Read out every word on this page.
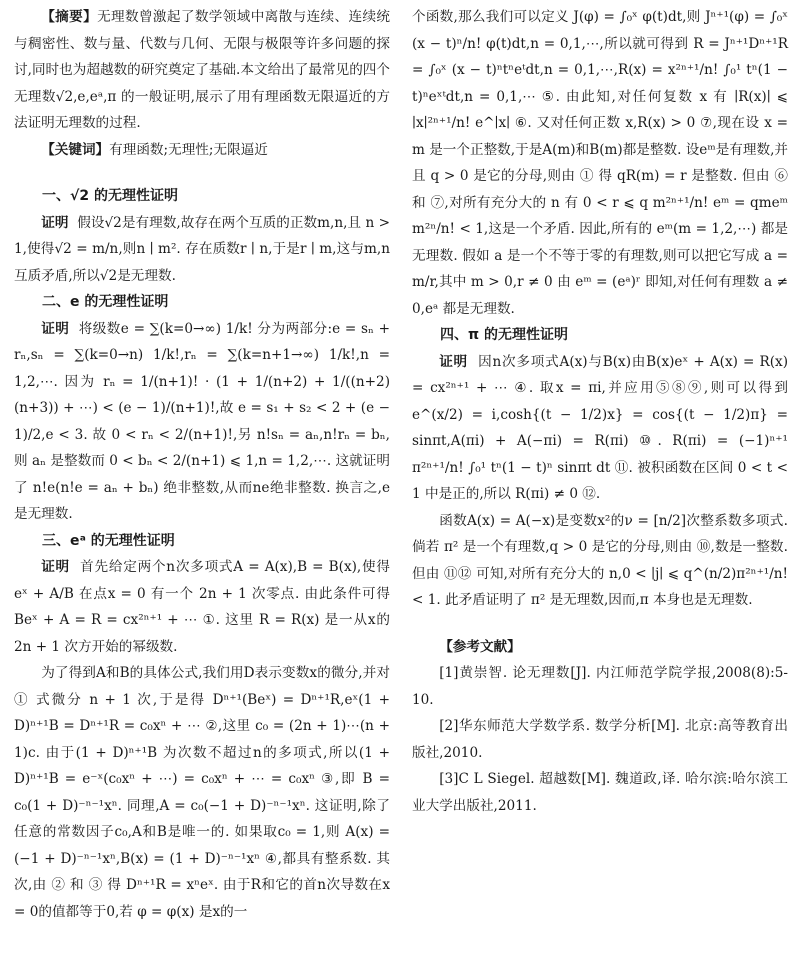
【摘要】无理数曾激起了数学领域中离散与连续、连续统与稠密性、数与量、代数与几何、无限与极限等许多问题的探讨,同时也为超越数的研究奠定了基础.本文给出了最常见的四个无理数√2,e,eᵃ,π 的一般证明,展示了用有理函数无限逼近的方法证明无理数的过程.

【关键词】有理函数;无理性;无限逼近

一、√2 的无理性证明

证明 假设√2是有理数,故存在两个互质的正数m,n,且 n > 1,使得√2 = m/n,则n ∣ m². 存在质数r ∣ n,于是r ∣ m,这与m,n互质矛盾,所以√2是无理数.

二、e 的无理性证明

证明 将级数e = ∑(k=0→∞) 1/k! 分为两部分:e = sₙ + rₙ,sₙ = ∑(k=0→n) 1/k!,rₙ = ∑(k=n+1→∞) 1/k!,n = 1,2,⋯. 因为 rₙ = 1/(n+1)! · (1 + 1/(n+2) + 1/((n+2)(n+3)) + ⋯) < (e − 1)/(n+1)!,故 e = s₁ + s₂ < 2 + (e − 1)/2,e < 3. 故 0 < rₙ < 2/(n+1)!,另 n!sₙ = aₙ,n!rₙ = bₙ,则 aₙ 是整数而 0 < bₙ < 2/(n+1) ⩽ 1,n = 1,2,⋯. 这就证明了 n!e(n!e = aₙ + bₙ) 绝非整数,从而ne绝非整数. 换言之,e 是无理数.

三、eᵃ 的无理性证明

证明 首先给定两个n次多项式A = A(x),B = B(x),使得 eˣ + A/B 在点x = 0 有一个 2n + 1 次零点. 由此条件可得 Beˣ + A = R = cx²ⁿ⁺¹ + ⋯ ①. 这里 R = R(x) 是一从x的 2n + 1 次方开始的幂级数.

为了得到A和B的具体公式,我们用D表示变数x的微分,并对 ① 式微分 n + 1 次,于是得 Dⁿ⁺¹(Beˣ) = Dⁿ⁺¹R,eˣ(1 + D)ⁿ⁺¹B = Dⁿ⁺¹R = c₀xⁿ + ⋯ ②,这里 c₀ = (2n + 1)⋯(n + 1)c. 由于(1 + D)ⁿ⁺¹B 为次数不超过n的多项式,所以(1 + D)ⁿ⁺¹B = e⁻ˣ(c₀xⁿ + ⋯) = c₀xⁿ + ⋯ = c₀xⁿ ③,即 B = c₀(1 + D)⁻ⁿ⁻¹xⁿ. 同理,A = c₀(−1 + D)⁻ⁿ⁻¹xⁿ. 这证明,除了任意的常数因子c₀,A和B是唯一的. 如果取c₀ = 1,则 A(x) = (−1 + D)⁻ⁿ⁻¹xⁿ,B(x) = (1 + D)⁻ⁿ⁻¹xⁿ ④,都具有整系数. 其次,由 ② 和 ③ 得 Dⁿ⁺¹R = xⁿeˣ. 由于R和它的首n次导数在x = 0的值都等于0,若 φ = φ(x) 是x的一

个函数,那么我们可以定义 J(φ) = ∫₀ˣ φ(t)dt,则 Jⁿ⁺¹(φ) = ∫₀ˣ (x − t)ⁿ/n! φ(t)dt,n = 0,1,⋯,所以就可得到 R = Jⁿ⁺¹Dⁿ⁺¹R = ∫₀ˣ (x − t)ⁿtⁿeᵗdt,n = 0,1,⋯,R(x) = x²ⁿ⁺¹/n! ∫₀¹ tⁿ(1 − t)ⁿeˣᵗdt,n = 0,1,⋯ ⑤. 由此知,对任何复数 x 有 ∣R(x)∣ ⩽ ∣x∣²ⁿ⁺¹/n! e^∣x∣ ⑥. 又对任何正数 x,R(x) > 0 ⑦,现在设 x = m 是一个正整数,于是A(m)和B(m)都是整数. 设eᵐ是有理数,并且 q > 0 是它的分母,则由 ① 得 qR(m) = r 是整数. 但由 ⑥ 和 ⑦,对所有充分大的 n 有 0 < r ⩽ q m²ⁿ⁺¹/n! eᵐ = qmeᵐ m²ⁿ/n! < 1,这是一个矛盾. 因此,所有的 eᵐ(m = 1,2,⋯) 都是无理数. 假如 a 是一个不等于零的有理数,则可以把它写成 a = m/r,其中 m > 0,r ≠ 0 由 eᵐ = (eᵃ)ʳ 即知,对任何有理数 a ≠ 0,eᵃ 都是无理数.

四、π 的无理性证明

证明 因n次多项式A(x)与B(x)由B(x)eˣ + A(x) = R(x) = cx²ⁿ⁺¹ + ⋯ ④. 取x = πi,并应用⑤⑧⑨,则可以得到 e^(x/2) = i,cosh{(t − 1/2)x} = cos{(t − 1/2)π} = sinπt,A(πi) + A(−πi) = R(πi) ⑩. R(πi) = (−1)ⁿ⁺¹ π²ⁿ⁺¹/n! ∫₀¹ tⁿ(1 − t)ⁿ sinπt dt ⑪. 被积函数在区间 0 < t < 1 中是正的,所以 R(πi) ≠ 0 ⑫.

函数A(x) = A(−x)是变数x²的ν = [n/2]次整系数多项式. 倘若 π² 是一个有理数,q > 0 是它的分母,则由 ⑩,数是一整数. 但由 ⑪⑫ 可知,对所有充分大的 n,0 < ∣j∣ ⩽ q^(n/2)π²ⁿ⁺¹/n! < 1. 此矛盾证明了 π² 是无理数,因而,π 本身也是无理数.

【参考文献】

[1]黄崇智. 论无理数[J]. 内江师范学院学报,2008(8):5-10.

[2]华东师范大学数学系. 数学分析[M]. 北京:高等教育出版社,2010.

[3]C L Siegel. 超越数[M]. 魏道政,译. 哈尔滨:哈尔滨工业大学出版社,2011.
